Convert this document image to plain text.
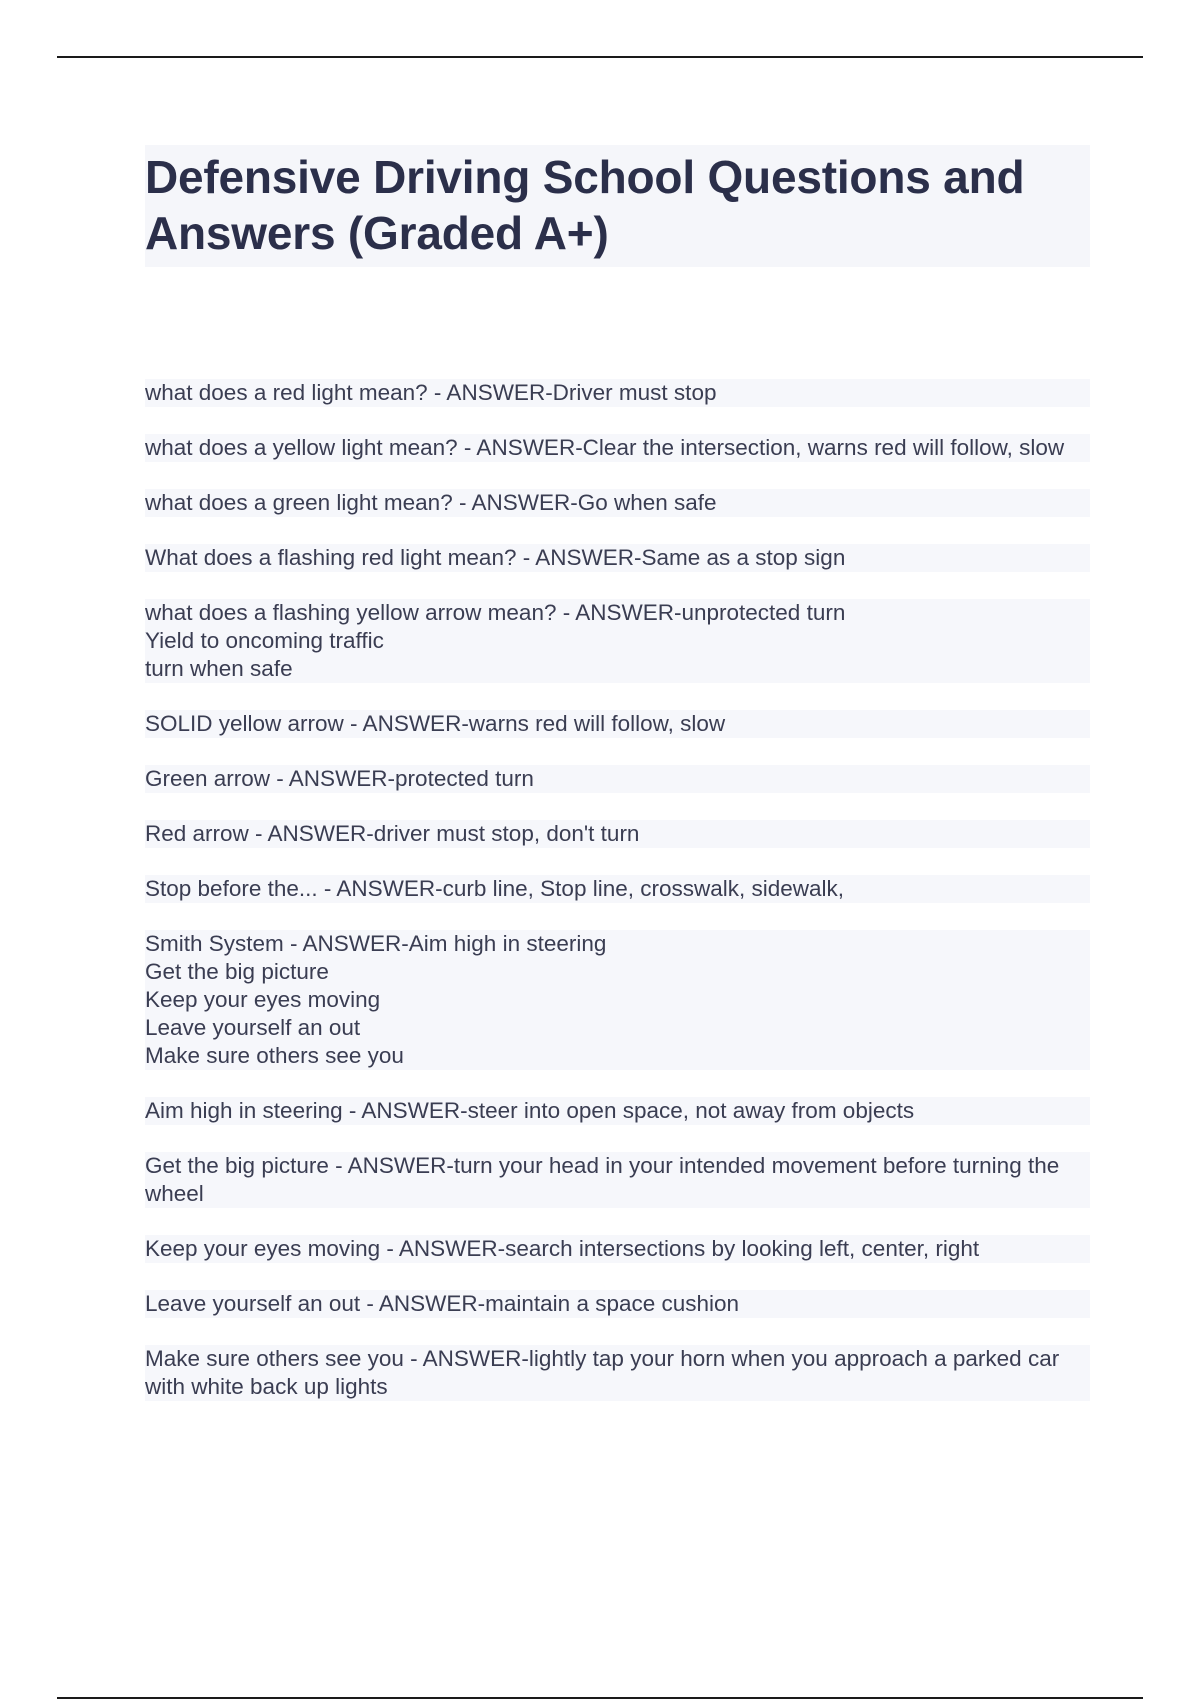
Defensive Driving School Questions and Answers (Graded A+)

what does a red light mean? - ANSWER-Driver must stop

what does a yellow light mean? - ANSWER-Clear the intersection, warns red will follow, slow

what does a green light mean? - ANSWER-Go when safe

What does a flashing red light mean? - ANSWER-Same as a stop sign

what does a flashing yellow arrow mean? - ANSWER-unprotected turn
Yield to oncoming traffic
turn when safe

SOLID yellow arrow - ANSWER-warns red will follow, slow

Green arrow - ANSWER-protected turn

Red arrow - ANSWER-driver must stop, don't turn

Stop before the... - ANSWER-curb line, Stop line, crosswalk, sidewalk,

Smith System - ANSWER-Aim high in steering
Get the big picture
Keep your eyes moving
Leave yourself an out
Make sure others see you

Aim high in steering - ANSWER-steer into open space, not away from objects

Get the big picture - ANSWER-turn your head in your intended movement before turning the wheel

Keep your eyes moving - ANSWER-search intersections by looking left, center, right

Leave yourself an out - ANSWER-maintain a space cushion

Make sure others see you - ANSWER-lightly tap your horn when you approach a parked car with white back up lights
